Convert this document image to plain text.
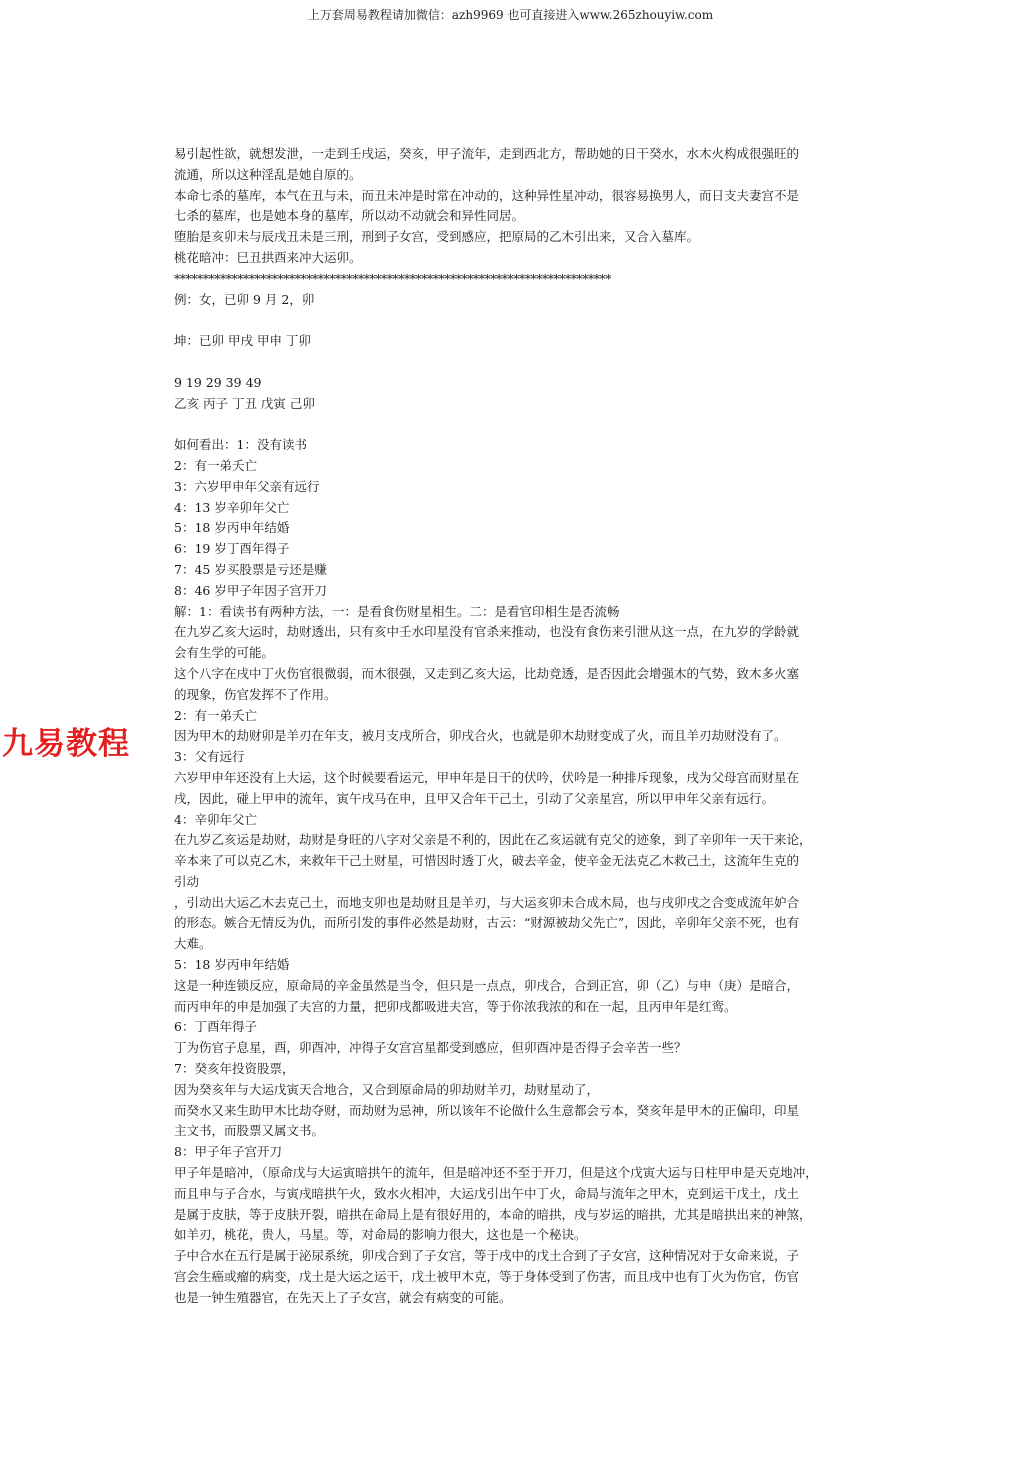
上万套周易教程请加微信：azh9969 也可直接进入www.265zhouyiw.com
九易教程

易引起性欲，就想发泄，一走到壬戌运，癸亥，甲子流年，走到西北方，帮助她的日干癸水，水木火构成很强旺的

流通，所以这种淫乱是她自原的。

本命七杀的墓库，本气在丑与未，而丑未冲是时常在冲动的，这种异性星冲动，很容易换男人，而日支夫妻宫不是

七杀的墓库，也是她本身的墓库，所以动不动就会和异性同居。

堕胎是亥卯未与辰戌丑未是三刑，刑到子女宫，受到感应，把原局的乙木引出来，又合入墓库。

桃花暗冲：巳丑拱酉来冲大运卯。

****************************************************************************

例：女，已卯 9 月 2，卯

坤：已卯 甲戌 甲申 丁卯

9 19 29 39 49

乙亥 丙子 丁丑 戊寅 己卯

如何看出：1：没有读书

2：有一弟夭亡

3：六岁甲申年父亲有远行

4：13 岁辛卯年父亡

5：18 岁丙申年结婚

6：19 岁丁酉年得子

7：45 岁买股票是亏还是赚

8：46 岁甲子年因子宫开刀

解：1：看读书有两种方法，一：是看食伤财星相生。二：是看官印相生是否流畅

在九岁乙亥大运时，劫财透出，只有亥中壬水印星没有官杀来推动，也没有食伤来引泄从这一点，在九岁的学龄就

会有生学的可能。

这个八字在戌中丁火伤官很微弱，而木很强，又走到乙亥大运，比劫竞透，是否因此会增强木的气势，致木多火塞

的现象，伤官发挥不了作用。

2：有一弟夭亡

因为甲木的劫财卯是羊刃在年支，被月支戌所合，卯戌合火，也就是卯木劫财变成了火，而且羊刃劫财没有了。

3：父有远行

六岁甲申年还没有上大运，这个时候要看运元，甲申年是日干的伏吟，伏吟是一种排斥现象，戌为父母宫而财星在

戌，因此，碰上甲申的流年，寅午戌马在申，且甲又合年干己土，引动了父亲星宫，所以甲申年父亲有远行。

4：辛卯年父亡

在九岁乙亥运是劫财，劫财是身旺的八字对父亲是不利的，因此在乙亥运就有克父的迹象，到了辛卯年一天干来论，

辛本来了可以克乙木，来救年干己土财星，可惜因时透丁火，破去辛金，使辛金无法克乙木救己土，这流年生克的

引动

，引动出大运乙木去克己土，而地支卯也是劫财且是羊刃，与大运亥卯未合成木局，也与戌卯戌之合变成流年妒合

的形态。嫉合无情反为仇，而所引发的事件必然是劫财，古云：“财源被劫父先亡”，因此，辛卯年父亲不死，也有

大难。

5：18 岁丙申年结婚

这是一种连锁反应，原命局的辛金虽然是当令，但只是一点点，卯戌合，合到正宫，卯（乙）与申（庚）是暗合，

而丙申年的申是加强了夫宫的力量，把卯戌都吸进夫宫，等于你浓我浓的和在一起，且丙申年是红鸾。

6：丁酉年得子

丁为伤官子息星，酉，卯酉冲，冲得子女宫宫星都受到感应，但卯酉冲是否得子会辛苦一些？

7：癸亥年投资股票，

因为癸亥年与大运戊寅天合地合，又合到原命局的卯劫财羊刃，劫财星动了，

而癸水又来生助甲木比劫夺财，而劫财为忌神，所以该年不论做什么生意都会亏本，癸亥年是甲木的正偏印，印星

主文书，而股票又属文书。

8：甲子年子宫开刀

甲子年是暗冲，（原命戊与大运寅暗拱午的流年，但是暗冲还不至于开刀，但是这个戊寅大运与日柱甲申是天克地冲，

而且申与子合水，与寅戌暗拱午火，致水火相冲，大运戊引出午中丁火，命局与流年之甲木，克到运干戊土，戊土

是属于皮肤，等于皮肤开裂，暗拱在命局上是有很好用的，本命的暗拱，戌与岁运的暗拱，尤其是暗拱出来的神煞，

如羊刃，桃花，贵人，马星。等，对命局的影响力很大，这也是一个秘诀。

子中合水在五行是属于泌尿系统，卯戌合到了子女宫，等于戌中的戊土合到了子女宫，这种情况对于女命来说，子

宫会生癌或瘤的病变，戊土是大运之运干，戊土被甲木克，等于身体受到了伤害，而且戌中也有丁火为伤官，伤官

也是一钟生殖器官，在先天上了子女宫，就会有病变的可能。
